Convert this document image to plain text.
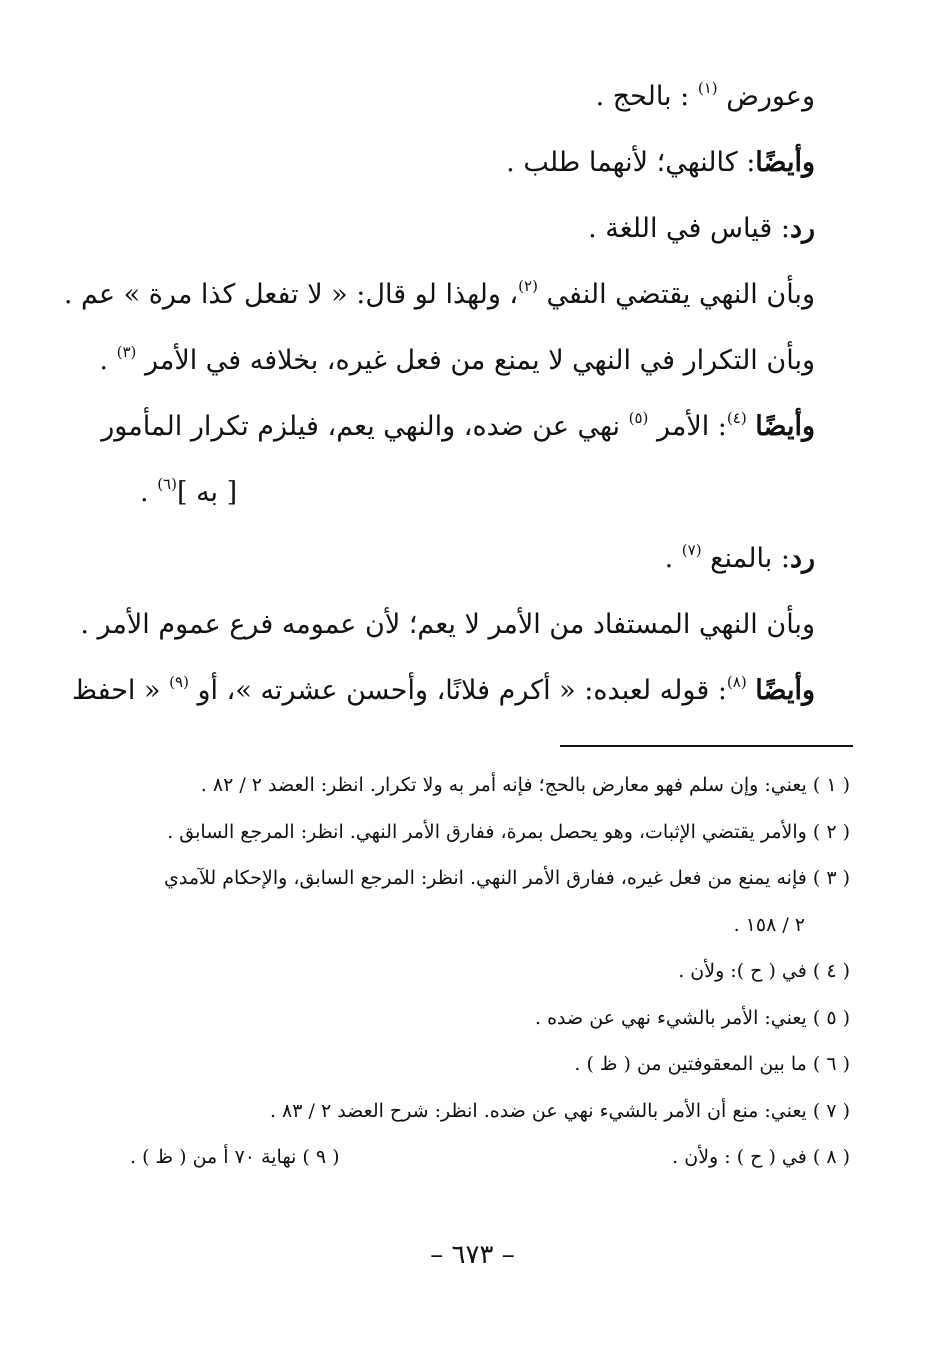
وعورض $^{(١)}$ : بالحج .
وأيضًا: كالنهي؛ لأنهما طلب .
رد: قياس في اللغة .
وبأن النهي يقتضي النفي $^{(٢)}$، ولهذا لو قال: « لا تفعل كذا مرة » عم .
وبأن التكرار في النهي لا يمنع من فعل غيره، بخلافه في الأمر $^{(٣)}$ .
وأيضًا $^{(٤)}$: الأمر $^{(٥)}$ نهي عن ضده، والنهي يعم، فيلزم تكرار المأمور
[ به ]$^{(٦)}$ .
رد: بالمنع $^{(٧)}$ .
وبأن النهي المستفاد من الأمر لا يعم؛ لأن عمومه فرع عموم الأمر .
وأيضًا $^{(٨)}$: قوله لعبده: « أكرم فلانًا، وأحسن عشرته »، أو $^{(٩)}$ « احفظ
( ١ ) يعني: وإن سلم فهو معارض بالحج؛ فإنه أمر به ولا تكرار. انظر: العضد ٢ / ٨٢ .
( ٢ ) والأمر يقتضي الإثبات، وهو يحصل بمرة، ففارق الأمر النهي. انظر: المرجع السابق .
( ٣ ) فإنه يمنع من فعل غيره، ففارق الأمر النهي. انظر: المرجع السابق، والإحكام للآمدي
٢ / ١٥٨ .
( ٤ ) في ( ح ): ولأن .
( ٥ ) يعني: الأمر بالشيء نهي عن ضده .
( ٦ ) ما بين المعقوفتين من ( ظ ) .
( ٧ ) يعني: منع أن الأمر بالشيء نهي عن ضده. انظر: شرح العضد ٢ / ٨٣ .
( ٨ ) في ( ح ) : ولأن .
( ٩ ) نهاية ٧٠ أ من ( ظ ) .
– ٦٧٣ –
